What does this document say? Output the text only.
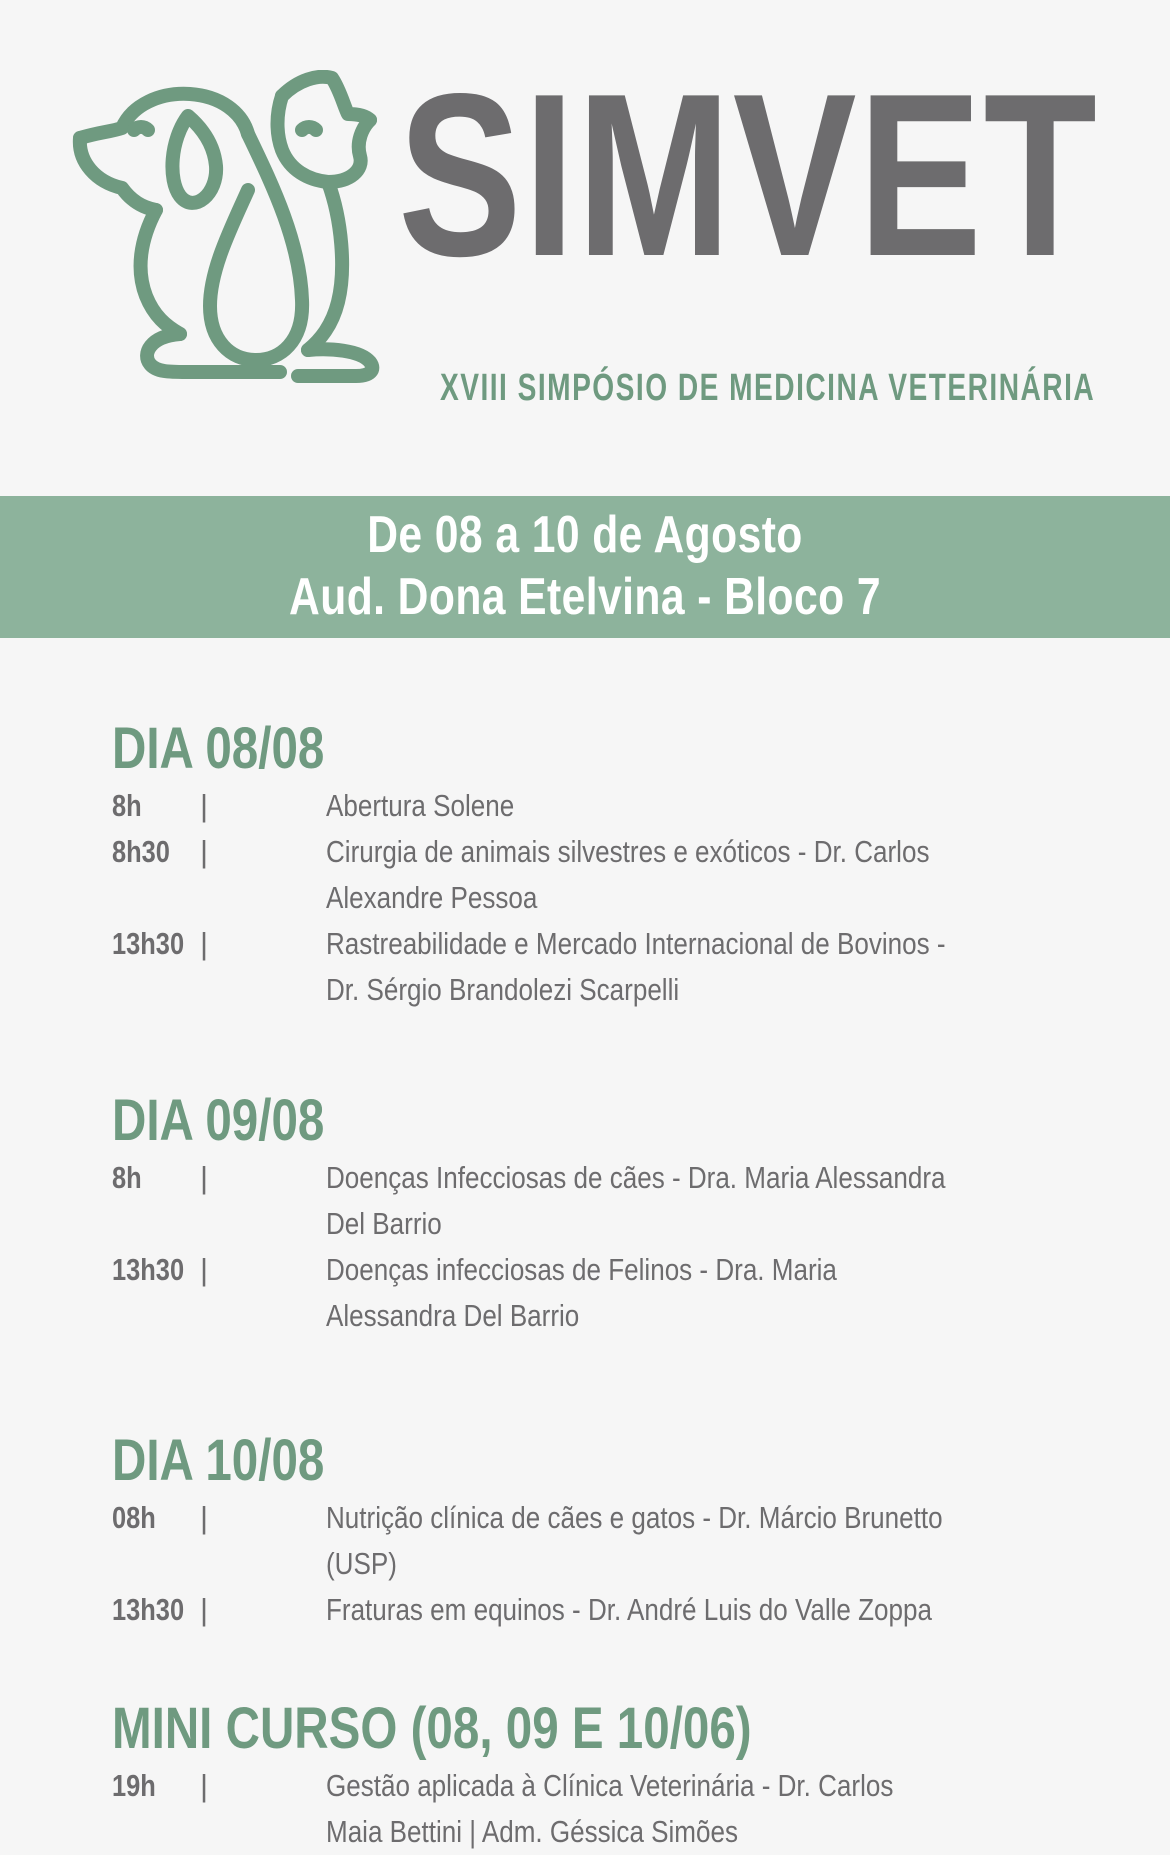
SIMVET
XVIII SIMPÓSIO DE MEDICINA VETERINÁRIA
De 08 a 10 de Agosto
Aud. Dona Etelvina - Bloco 7
DIA 08/08
8h	|	Abertura Solene
8h30 |	Cirurgia de animais silvestres e exóticos - Dr. Carlos Alexandre Pessoa
13h30 |	Rastreabilidade e Mercado Internacional de Bovinos - Dr. Sérgio Brandolezi Scarpelli
DIA 09/08
8h	|	Doenças Infecciosas de cães - Dra. Maria Alessandra Del Barrio
13h30 |	Doenças infecciosas de Felinos - Dra. Maria Alessandra Del Barrio
DIA 10/08
08h	|	Nutrição clínica de cães e gatos - Dr. Márcio Brunetto (USP)
13h30 |	Fraturas em equinos - Dr. André Luis do Valle Zoppa
MINI CURSO (08, 09 E 10/06)
19h	|	Gestão aplicada à Clínica Veterinária - Dr. Carlos Maia Bettini | Adm. Géssica Simões
